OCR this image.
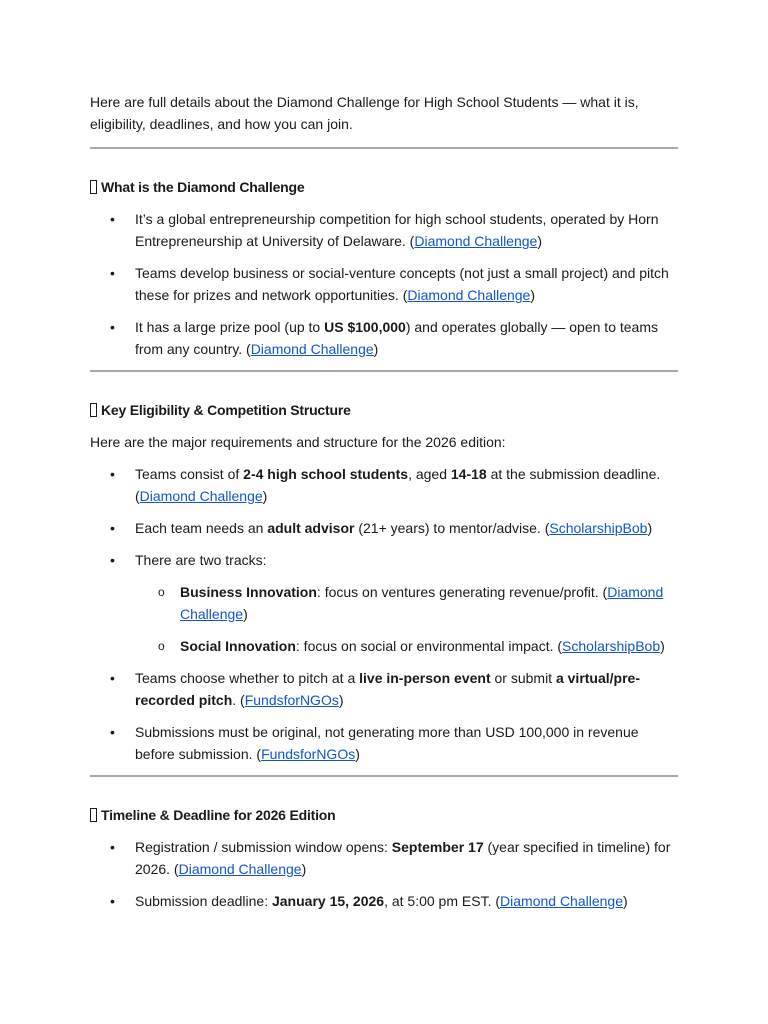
Here are full details about the Diamond Challenge for High School Students — what it is, eligibility, deadlines, and how you can join.

What is the Diamond Challenge
• It’s a global entrepreneurship competition for high school students, operated by Horn Entrepreneurship at University of Delaware. (Diamond Challenge)
• Teams develop business or social-venture concepts (not just a small project) and pitch these for prizes and network opportunities. (Diamond Challenge)
• It has a large prize pool (up to US $100,000) and operates globally — open to teams from any country. (Diamond Challenge)
Key Eligibility & Competition Structure

Here are the major requirements and structure for the 2026 edition:

• Teams consist of 2-4 high school students, aged 14-18 at the submission deadline. (Diamond Challenge)
• Each team needs an adult advisor (21+ years) to mentor/advise. (ScholarshipBob)
• There are two tracks:
o Business Innovation: focus on ventures generating revenue/profit. (Diamond Challenge)
o Social Innovation: focus on social or environmental impact. (ScholarshipBob)
• Teams choose whether to pitch at a live in-person event or submit a virtual/pre-recorded pitch. (FundsforNGOs)
• Submissions must be original, not generating more than USD 100,000 in revenue before submission. (FundsforNGOs)
Timeline & Deadline for 2026 Edition
• Registration / submission window opens: September 17 (year specified in timeline) for 2026. (Diamond Challenge)
• Submission deadline: January 15, 2026, at 5:00 pm EST. (Diamond Challenge)
